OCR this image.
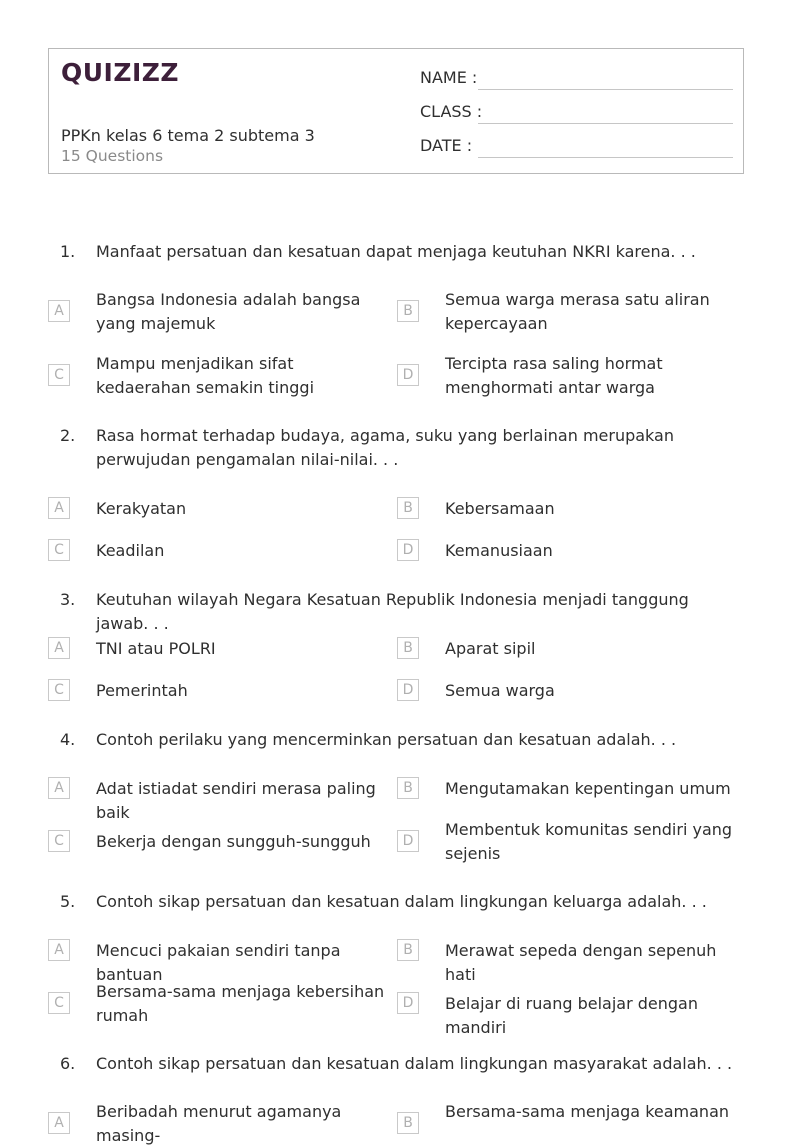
QUIZIZZ
PPKn kelas 6 tema 2 subtema 3
15 Questions
NAME :
CLASS :
DATE :
1. Manfaat persatuan dan kesatuan dapat menjaga keutuhan NKRI karena. . .
A
Bangsa Indonesia adalah bangsa yang majemuk
B
Semua warga merasa satu aliran kepercayaan
C
Mampu menjadikan sifat kedaerahan semakin tinggi
D
Tercipta rasa saling hormat menghormati antar warga
2. Rasa hormat terhadap budaya, agama, suku yang berlainan merupakan perwujudan pengamalan nilai-nilai. . .
A	Kerakyatan	B	Kebersamaan
C	Keadilan	D	Kemanusiaan
3. Keutuhan wilayah Negara Kesatuan Republik Indonesia menjadi tanggung jawab. . .
A	TNI atau POLRI	B	Aparat sipil
C	Pemerintah	D	Semua warga
4. Contoh perilaku yang mencerminkan persatuan dan kesatuan adalah. . .
A	Adat istiadat sendiri merasa paling baik
B	Mengutamakan kepentingan umum
C	Bekerja dengan sungguh-sungguh	D
Membentuk komunitas sendiri yang sejenis
5. Contoh sikap persatuan dan kesatuan dalam lingkungan keluarga adalah. . .
A	Mencuci pakaian sendiri tanpa bantuan
B	Merawat sepeda dengan sepenuh hati
C
Bersama-sama menjaga kebersihan rumah
D	Belajar di ruang belajar dengan mandiri
6. Contoh sikap persatuan dan kesatuan dalam lingkungan masyarakat adalah. . .
A
Beribadah menurut agamanya masing-
B
Bersama-sama menjaga keamanan
